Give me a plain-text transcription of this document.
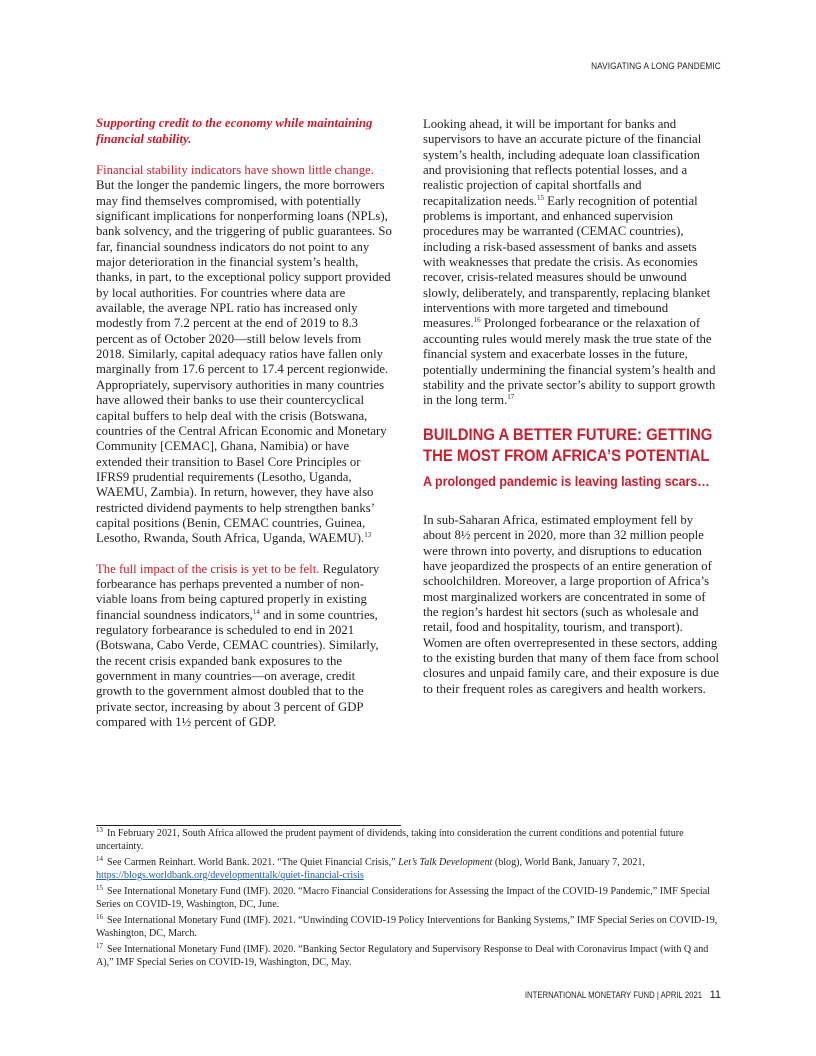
NAVIGATING A LONG PANDEMIC

Supporting credit to the economy while maintaining financial stability.

Financial stability indicators have shown little change. But the longer the pandemic lingers, the more borrowers may find themselves compromised, with potentially significant implications for nonperforming loans (NPLs), bank solvency, and the triggering of public guarantees. So far, financial soundness indicators do not point to any major deterioration in the financial system’s health, thanks, in part, to the exceptional policy support provided by local authorities. For countries where data are available, the average NPL ratio has increased only modestly from 7.2 percent at the end of 2019 to 8.3 percent as of October 2020—still below levels from 2018. Similarly, capital adequacy ratios have fallen only marginally from 17.6 percent to 17.4 percent regionwide. Appropriately, supervisory authorities in many countries have allowed their banks to use their countercyclical capital buffers to help deal with the crisis (Botswana, countries of the Central African Economic and Monetary Community [CEMAC], Ghana, Namibia) or have extended their transition to Basel Core Principles or IFRS9 prudential requirements (Lesotho, Uganda, WAEMU, Zambia). In return, however, they have also restricted dividend payments to help strengthen banks’ capital positions (Benin, CEMAC countries, Guinea, Lesotho, Rwanda, South Africa, Uganda, WAEMU).$^{13}$

The full impact of the crisis is yet to be felt. Regulatory forbearance has perhaps prevented a number of non-viable loans from being captured properly in existing financial soundness indicators,$^{14}$ and in some countries, regulatory forbearance is scheduled to end in 2021 (Botswana, Cabo Verde, CEMAC countries). Similarly, the recent crisis expanded bank exposures to the government in many countries—on average, credit growth to the government almost doubled that to the private sector, increasing by about 3 percent of GDP compared with 1½ percent of GDP.

Looking ahead, it will be important for banks and supervisors to have an accurate picture of the financial system’s health, including adequate loan classification and provisioning that reflects potential losses, and a realistic projection of capital shortfalls and recapitalization needs.$^{15}$ Early recognition of potential problems is important, and enhanced supervision procedures may be warranted (CEMAC countries), including a risk-based assessment of banks and assets with weaknesses that predate the crisis. As economies recover, crisis-related measures should be unwound slowly, deliberately, and transparently, replacing blanket interventions with more targeted and timebound measures.$^{16}$ Prolonged forbearance or the relaxation of accounting rules would merely mask the true state of the financial system and exacerbate losses in the future, potentially undermining the financial system’s health and stability and the private sector’s ability to support growth in the long term.$^{17}$

BUILDING A BETTER FUTURE: GETTING THE MOST FROM AFRICA’S POTENTIAL

A prolonged pandemic is leaving lasting scars…

In sub-Saharan Africa, estimated employment fell by about 8½ percent in 2020, more than 32 million people were thrown into poverty, and disruptions to education have jeopardized the prospects of an entire generation of schoolchildren. Moreover, a large proportion of Africa’s most marginalized workers are concentrated in some of the region’s hardest hit sectors (such as wholesale and retail, food and hospitality, tourism, and transport). Women are often overrepresented in these sectors, adding to the existing burden that many of them face from school closures and unpaid family care, and their exposure is due to their frequent roles as caregivers and health workers.

$^{13}$ In February 2021, South Africa allowed the prudent payment of dividends, taking into consideration the current conditions and potential future uncertainty.

$^{14}$ See Carmen Reinhart. World Bank. 2021. “The Quiet Financial Crisis,” Let’s Talk Development (blog), World Bank, January 7, 2021, https://blogs.worldbank.org/developmenttalk/quiet-financial-crisis

$^{15}$ See International Monetary Fund (IMF). 2020. “Macro Financial Considerations for Assessing the Impact of the COVID-19 Pandemic,” IMF Special Series on COVID-19, Washington, DC, June.

$^{16}$ See International Monetary Fund (IMF). 2021. “Unwinding COVID-19 Policy Interventions for Banking Systems,” IMF Special Series on COVID-19, Washington, DC, March.

$^{17}$ See International Monetary Fund (IMF). 2020. “Banking Sector Regulatory and Supervisory Response to Deal with Coronavirus Impact (with Q and A),” IMF Special Series on COVID-19, Washington, DC, May.

INTERNATIONAL MONETARY FUND | APRIL 2021 11
